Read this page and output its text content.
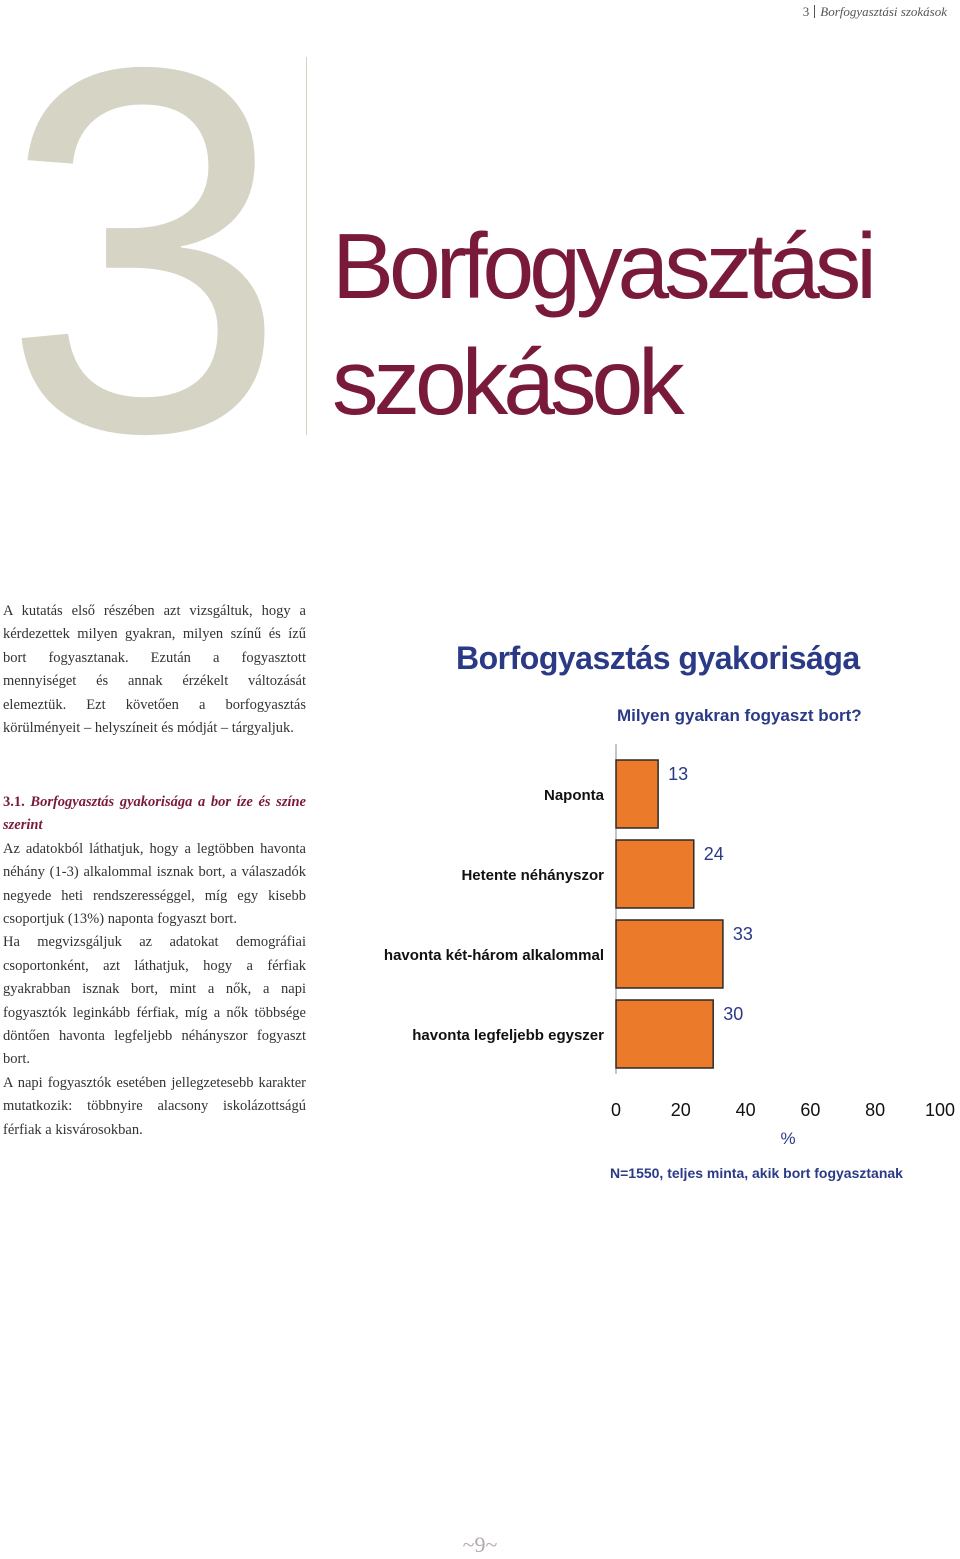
3 Borfogyasztási szokások
3 Borfogyasztási
szokások
A kutatás első részében azt vizsgáltuk, hogy a kérdezettek milyen gyakran, milyen színű és ízű bort fogyasztanak. Ezután a fogyasztott mennyiséget és annak érzékelt változását elemeztük. Ezt követően a borfogyasztás körülményeit – helyszíneit és módját – tárgyaljuk.

3.1. Borfogyasztás gyakorisága a bor íze és színe szerint

Az adatokból láthatjuk, hogy a legtöbben havonta néhány (1-3) alkalommal isznak bort, a válaszadók negyede heti rendszerességgel, míg egy kisebb csoportjuk (13%) naponta fogyaszt bort.

Ha megvizsgáljuk az adatokat demográfiai csoportonként, azt láthatjuk, hogy a férfiak gyakrabban isznak bort, mint a nők, a napi fogyasztók leginkább férfiak, míg a nők többsége döntően havonta legfeljebb néhányszor fogyaszt bort.

A napi fogyasztók esetében jellegzetesebb karakter mutatkozik: többnyire alacsony iskolázottságú férfiak a kisvárosokban.

Borfogyasztás gyakorisága
Milyen gyakran fogyaszt bort?
Naponta
13
Hetente néhányszor
24
havonta két-három alkalommal
33
havonta legfeljebb egyszer
30
0	20 40 60 80 100
%
N=1550, teljes minta, akik bort fogyasztanak
~9~
